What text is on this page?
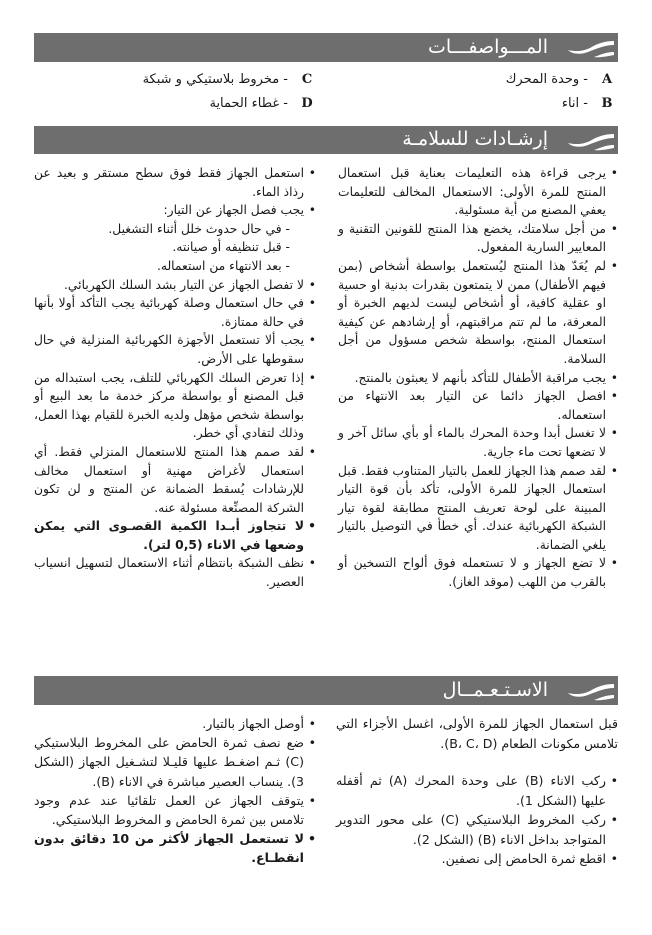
المـــواصفـــات
A
- وحدة المحرك
B
- اناء
C
- مخروط بلاستيكي و شبكة
D
- غطاء الحماية
إرشـادات للسلامـة
• يرجى قراءة هذه التعليمات بعناية قبل استعمال المنتج للمرة الأولى: الاستعمال المخالف للتعليمات يعفي المصنع من أية مسئولية.
• من أجل سلامتك، يخضع هذا المنتج للقونين التقنية و المعايير السارية المفعول.
• لم يُعَدّ هذا المنتج ليُستعمل بواسطة أشخاص (بمن فيهم الأطفال) ممن لا يتمتعون بقدرات بدنية او حسية او عقلية كافية، أو أشخاص ليست لديهم الخبرة أو المعرفة، ما لم تتم مراقبتهم، أو إرشادهم عن كيفية استعمال المنتج، بواسطة شخص مسؤول من أجل السلامة.
• يجب مراقبة الأطفال للتأكد بأنهم لا يعبثون بالمنتج.
• افصل الجهاز دائما عن التيار بعد الانتهاء من استعماله.
• لا تغسل أبدا وحدة المحرك بالماء أو بأي سائل آخر و لا تضعها تحت ماء جارية.
• لقد صمم هذا الجهاز للعمل بالتيار المتناوب فقط. قبل استعمال الجهاز للمرة الأولى، تأكد بأن قوة التيار المبينة على لوحة تعريف المنتج مطابقة لقوة تيار الشبكة الكهربائية عندك. أي خطأ في التوصيل بالتيار يلغي الضمانة.
• لا تضع الجهاز و لا تستعمله فوق ألواح التسخين أو بالقرب من اللهب (موقد الغاز).
• استعمل الجهاز فقط فوق سطح مستقر و بعيد عن رذاذ الماء.
• يجب فصل الجهاز عن التيار:
- في حال حدوث خلل أثناء التشغيل.
- قبل تنظيفه أو صيانته.
- بعد الانتهاء من استعماله.
• لا تفصل الجهاز عن التيار بشد السلك الكهربائي.
• في حال استعمال وصلة كهربائية يجب التأكد أولا بأنها في حالة ممتازة.
• يجب ألا تستعمل الأجهزة الكهربائية المنزلية في حال سقوطها على الأرض.
• إذا تعرض السلك الكهربائي للتلف، يجب استبداله من قبل المصنع أو بواسطة مركز خدمة ما بعد البيع أو بواسطة شخص مؤهل ولديه الخبرة للقيام بهذا العمل، وذلك لتفادي أي خطر.
• لقد صمم هذا المنتج للاستعمال المنزلي فقط. أي استعمال لأغراض مهنية أو استعمال مخالف للإرشادات يُسقط الضمانة عن المنتج و لن تكون الشركة المصنِّعة مسئولة عنه.
• لا تتجاوز أبـدا الكمية القصـوى التي يمكن وضعها في الاناء (0,5 لتر).
• نظف الشبكة بانتظام أثناء الاستعمال لتسهيل انسياب العصير.
الاسـتـعـمــال
قبل استعمال الجهاز للمرة الأولى، اغسل الأجزاء التي تلامس مكونات الطعام (B، C، D).
• ركب الاناء (B) على وحدة المحرك (A) ثم أقفله عليها (الشكل 1).
• ركب المخروط البلاستيكي (C) على محور التدوير المتواجد بداخل الاناء (B) (الشكل 2).
• اقطع ثمرة الحامض إلى نصفين.
• أوصل الجهاز بالتيار.
• ضع نصف ثمرة الحامض على المخروط البلاستيكي (C) ثـم اضغـط عليها قليـلا لتشـغيل الجهاز (الشكل 3). ينساب العصير مباشرة في الاناء (B).
• يتوقف الجهاز عن العمل تلقائيا عند عدم وجود تلامس بين ثمرة الحامض و المخروط البلاستيكي.
• لا تستعمل الجهاز لأكثر من 10 دقائق بدون انقطـاع.
